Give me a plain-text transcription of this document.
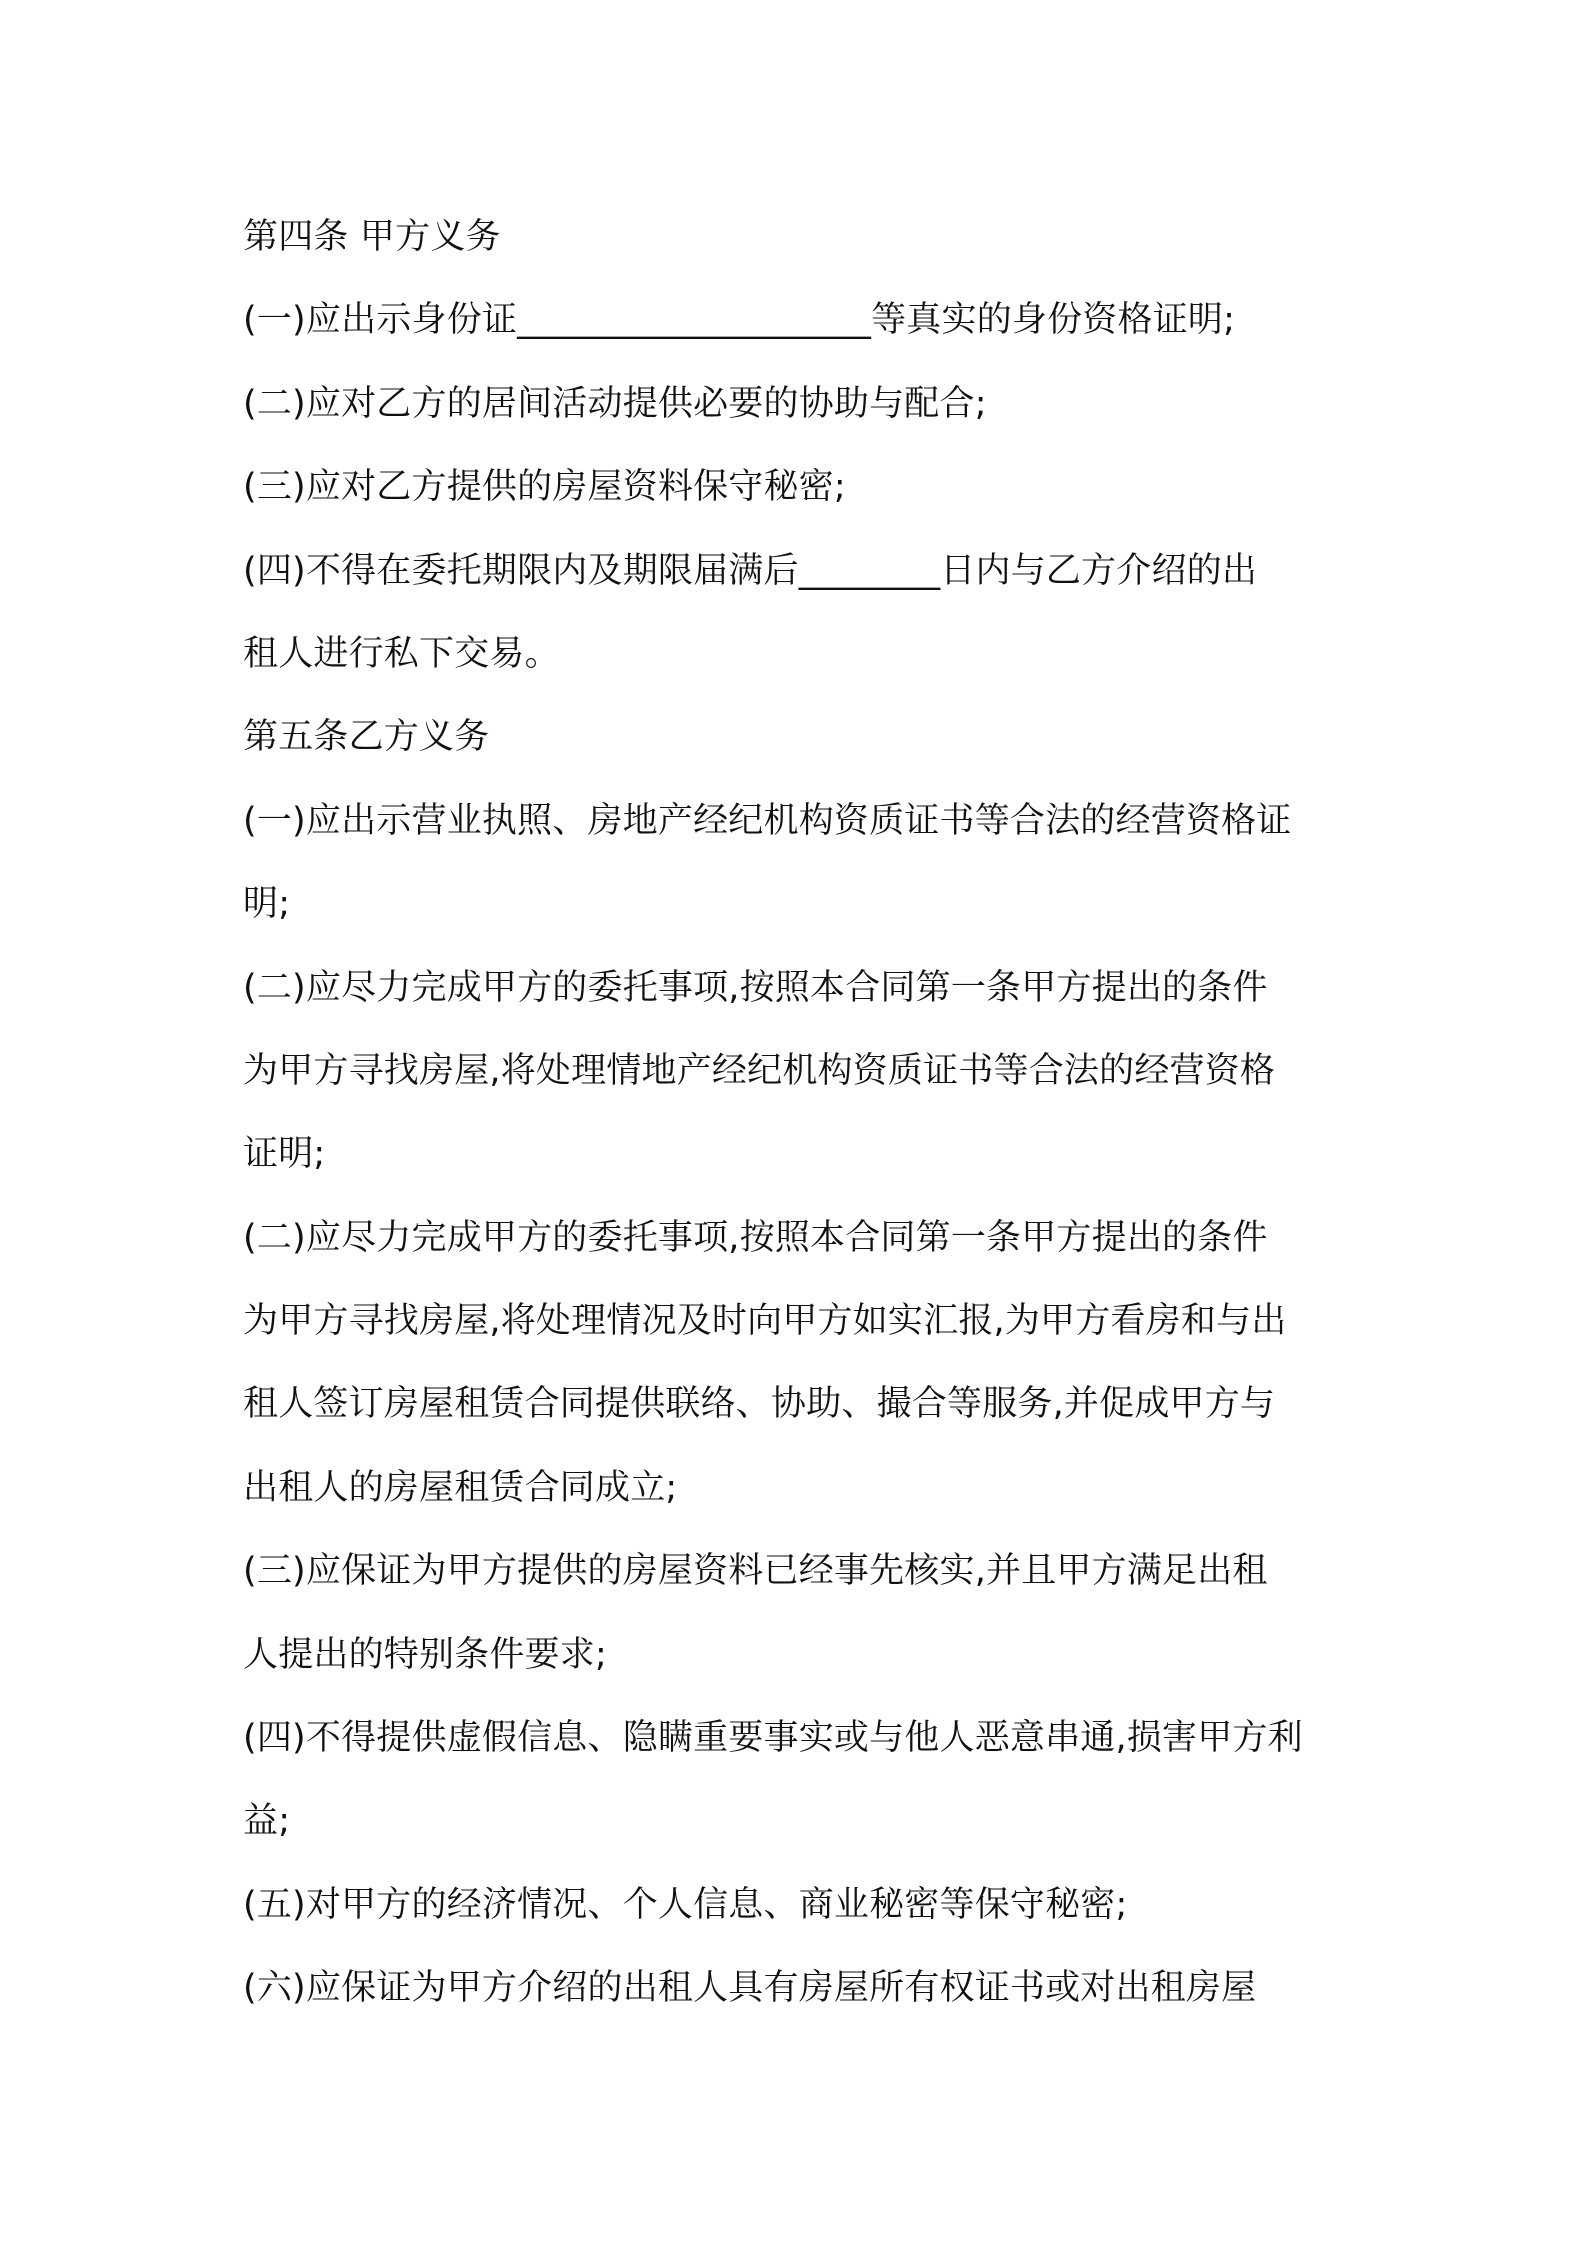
第四条 甲方义务
(一)应出示身份证____________________等真实的身份资格证明;
(二)应对乙方的居间活动提供必要的协助与配合;
(三)应对乙方提供的房屋资料保守秘密;
(四)不得在委托期限内及期限届满后________日内与乙方介绍的出
租人进行私下交易。
第五条乙方义务
(一)应出示营业执照、房地产经纪机构资质证书等合法的经营资格证
明;
(二)应尽力完成甲方的委托事项,按照本合同第一条甲方提出的条件
为甲方寻找房屋,将处理情地产经纪机构资质证书等合法的经营资格
证明;
(二)应尽力完成甲方的委托事项,按照本合同第一条甲方提出的条件
为甲方寻找房屋,将处理情况及时向甲方如实汇报,为甲方看房和与出
租人签订房屋租赁合同提供联络、协助、撮合等服务,并促成甲方与
出租人的房屋租赁合同成立;
(三)应保证为甲方提供的房屋资料已经事先核实,并且甲方满足出租
人提出的特别条件要求;
(四)不得提供虚假信息、隐瞒重要事实或与他人恶意串通,损害甲方利
益;
(五)对甲方的经济情况、个人信息、商业秘密等保守秘密;
(六)应保证为甲方介绍的出租人具有房屋所有权证书或对出租房屋
